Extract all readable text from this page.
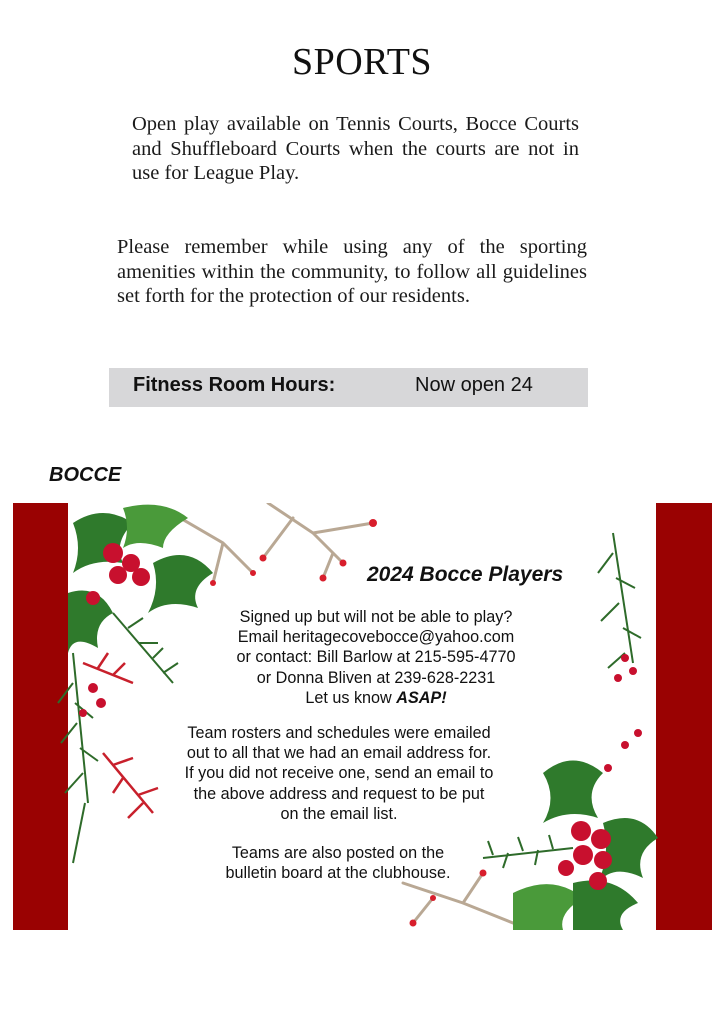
SPORTS
Open play available on Tennis Courts, Bocce Courts and Shuffleboard Courts when the courts are not in use for League Play.
Please remember while using any of the sporting amenities within the community, to follow all guidelines set forth for the protection of our residents.
Fitness Room Hours:	Now open 24
BOCCE
2024 Bocce Players
Signed up but will not be able to play?
Email heritagecovebocce@yahoo.com
or contact: Bill Barlow at 215-595-4770
or Donna Bliven at 239-628-2231
Let us know ASAP!
Team rosters and schedules were emailed
out to all that we had an email address for.
If you did not receive one, send an email to
the above address and request to be put
on the email list.
Teams are also posted on the
bulletin board at the clubhouse.
